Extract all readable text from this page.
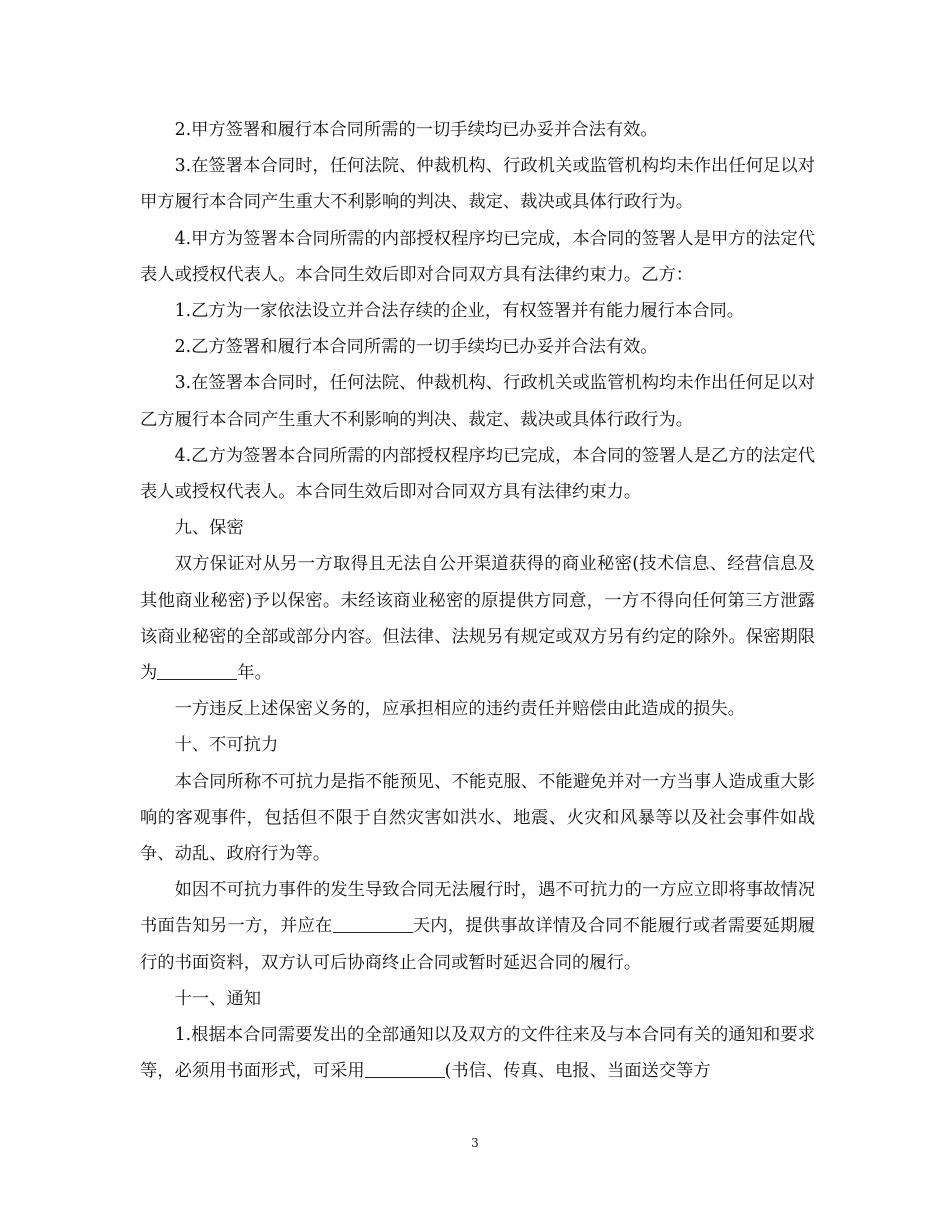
2.甲方签署和履行本合同所需的一切手续均已办妥并合法有效。

3.在签署本合同时，任何法院、仲裁机构、行政机关或监管机构均未作出任何足以对甲方履行本合同产生重大不利影响的判决、裁定、裁决或具体行政行为。

4.甲方为签署本合同所需的内部授权程序均已完成，本合同的签署人是甲方的法定代表人或授权代表人。本合同生效后即对合同双方具有法律约束力。乙方：

1.乙方为一家依法设立并合法存续的企业，有权签署并有能力履行本合同。

2.乙方签署和履行本合同所需的一切手续均已办妥并合法有效。

3.在签署本合同时，任何法院、仲裁机构、行政机关或监管机构均未作出任何足以对乙方履行本合同产生重大不利影响的判决、裁定、裁决或具体行政行为。

4.乙方为签署本合同所需的内部授权程序均已完成，本合同的签署人是乙方的法定代表人或授权代表人。本合同生效后即对合同双方具有法律约束力。

九、保密

双方保证对从另一方取得且无法自公开渠道获得的商业秘密(技术信息、经营信息及其他商业秘密)予以保密。未经该商业秘密的原提供方同意，一方不得向任何第三方泄露该商业秘密的全部或部分内容。但法律、法规另有规定或双方另有约定的除外。保密期限为	年。

一方违反上述保密义务的，应承担相应的违约责任并赔偿由此造成的损失。

十、不可抗力

本合同所称不可抗力是指不能预见、不能克服、不能避免并对一方当事人造成重大影响的客观事件，包括但不限于自然灾害如洪水、地震、火灾和风暴等以及社会事件如战争、动乱、政府行为等。

如因不可抗力事件的发生导致合同无法履行时，遇不可抗力的一方应立即将事故情况书面告知另一方，并应在	天内，提供事故详情及合同不能履行或者需要延期履行的书面资料，双方认可后协商终止合同或暂时延迟合同的履行。

十一、通知

1.根据本合同需要发出的全部通知以及双方的文件往来及与本合同有关的通知和要求等，必须用书面形式，可采用	(书信、传真、电报、当面送交等方

3
